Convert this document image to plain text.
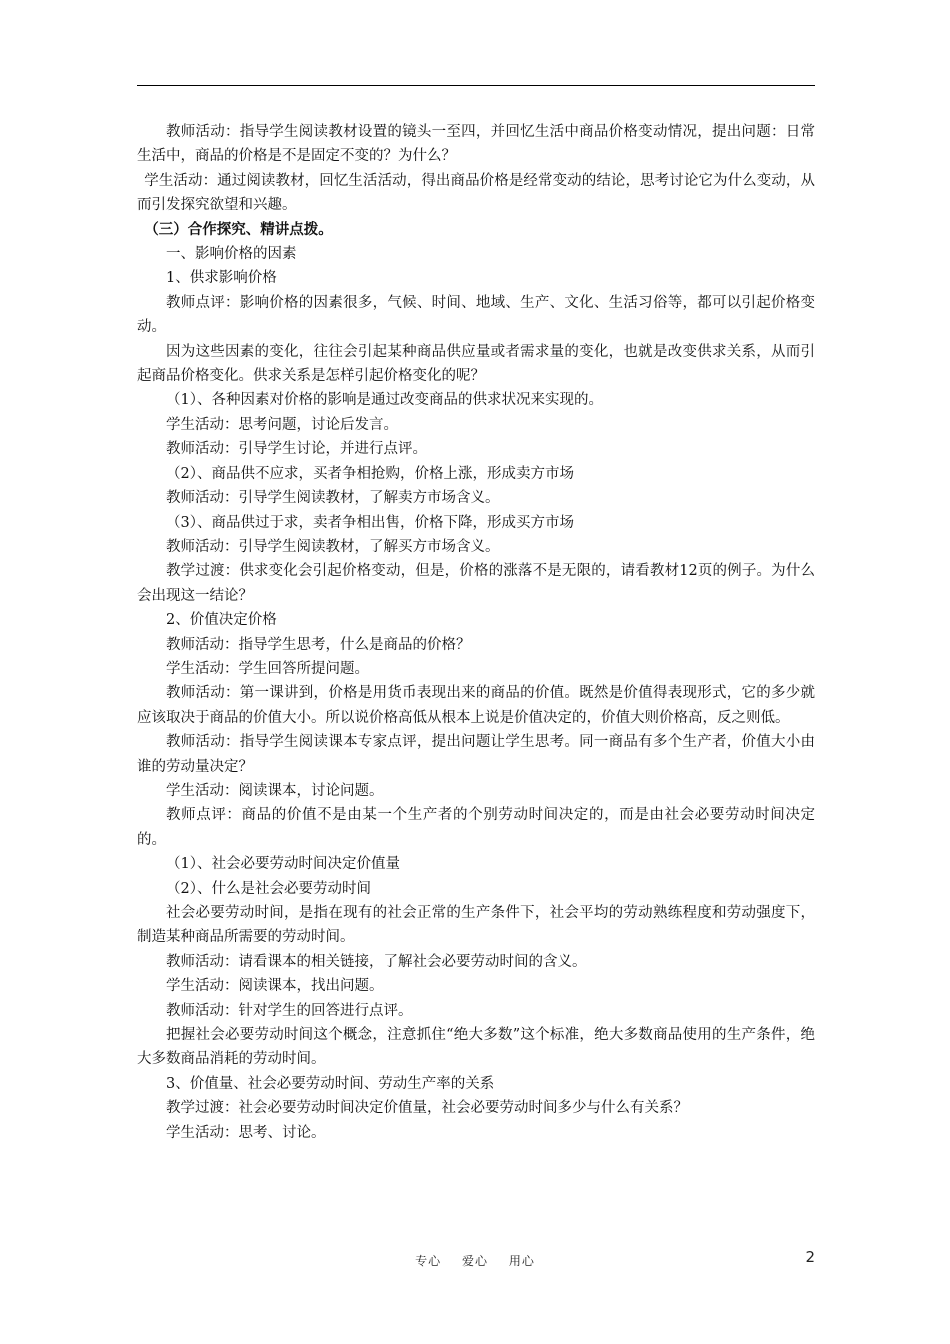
教师活动：指导学生阅读教材设置的镜头一至四，并回忆生活中商品价格变动情况，提出问题：日常生活中，商品的价格是不是固定不变的？为什么？

学生活动：通过阅读教材，回忆生活活动，得出商品价格是经常变动的结论，思考讨论它为什么变动，从而引发探究欲望和兴趣。

（三）合作探究、精讲点拨。

一、影响价格的因素

1、供求影响价格

教师点评：影响价格的因素很多，气候、时间、地域、生产、文化、生活习俗等，都可以引起价格变动。

因为这些因素的变化，往往会引起某种商品供应量或者需求量的变化，也就是改变供求关系，从而引起商品价格变化。供求关系是怎样引起价格变化的呢？

（1）、各种因素对价格的影响是通过改变商品的供求状况来实现的。

学生活动：思考问题，讨论后发言。

教师活动：引导学生讨论，并进行点评。

（2）、商品供不应求，买者争相抢购，价格上涨，形成卖方市场

教师活动：引导学生阅读教材，了解卖方市场含义。

（3）、商品供过于求，卖者争相出售，价格下降，形成买方市场

教师活动：引导学生阅读教材，了解买方市场含义。

教学过渡：供求变化会引起价格变动，但是，价格的涨落不是无限的，请看教材12页的例子。为什么会出现这一结论？

2、价值决定价格

教师活动：指导学生思考，什么是商品的价格？

学生活动：学生回答所提问题。

教师活动：第一课讲到，价格是用货币表现出来的商品的价值。既然是价值得表现形式，它的多少就应该取决于商品的价值大小。所以说价格高低从根本上说是价值决定的，价值大则价格高，反之则低。

教师活动：指导学生阅读课本专家点评，提出问题让学生思考。同一商品有多个生产者，价值大小由谁的劳动量决定？

学生活动：阅读课本，讨论问题。

教师点评：商品的价值不是由某一个生产者的个别劳动时间决定的，而是由社会必要劳动时间决定的。

（1）、社会必要劳动时间决定价值量

（2）、什么是社会必要劳动时间

社会必要劳动时间，是指在现有的社会正常的生产条件下，社会平均的劳动熟练程度和劳动强度下，制造某种商品所需要的劳动时间。

教师活动：请看课本的相关链接，了解社会必要劳动时间的含义。

学生活动：阅读课本，找出问题。

教师活动：针对学生的回答进行点评。

把握社会必要劳动时间这个概念，注意抓住“绝大多数”这个标准，绝大多数商品使用的生产条件，绝大多数商品消耗的劳动时间。

3、价值量、社会必要劳动时间、劳动生产率的关系

教学过渡：社会必要劳动时间决定价值量，社会必要劳动时间多少与什么有关系？

学生活动：思考、讨论。

专心 爱心 用心	2
